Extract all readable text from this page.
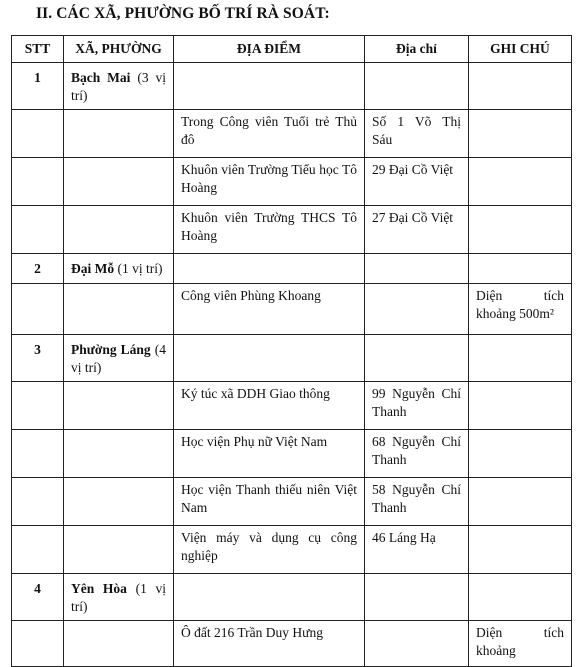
II. CÁC XÃ, PHƯỜNG BỐ TRÍ RÀ SOÁT:
STT	XÃ, PHƯỜNG	ĐỊA ĐIỂM	Địa chỉ	GHI CHÚ
1	Bạch Mai (3 vị trí)			
		Trong Công viên Tuổi trẻ Thủ đô	Số 1 Võ Thị Sáu	
		Khuôn viên Trường Tiểu học Tô Hoàng	29 Đại Cồ Việt	
		Khuôn viên Trường THCS Tô Hoàng	27 Đại Cồ Việt	
2	Đại Mỗ (1 vị trí)			
		Công viên Phùng Khoang		Diện tích khoảng 500m²
3	Phường Láng (4 vị trí)			
		Ký túc xã DDH Giao thông	99 Nguyễn Chí Thanh	
		Học viện Phụ nữ Việt Nam	68 Nguyễn Chí Thanh	
		Học viện Thanh thiếu niên Việt Nam	58 Nguyễn Chí Thanh	
		Viện máy và dụng cụ công nghiệp	46 Láng Hạ	
4	Yên Hòa (1 vị trí)			
		Ô đất 216 Trần Duy Hưng		Diện tích khoảng
